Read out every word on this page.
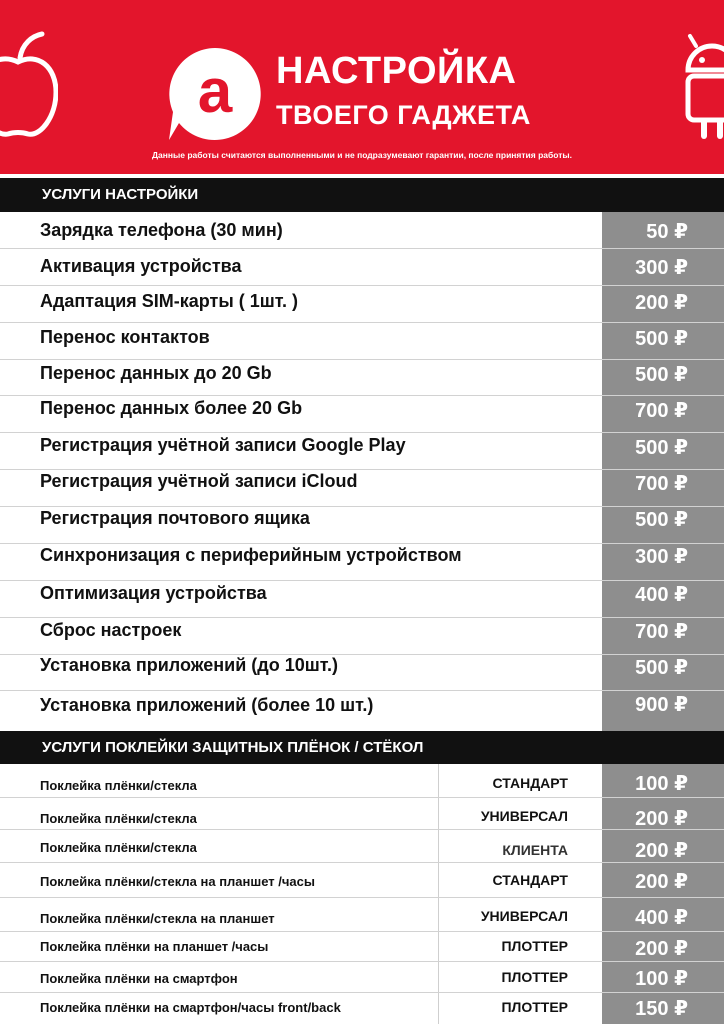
a НАСТРОЙКА
ТВОЕГО ГАДЖЕТА
Данные работы считаются выполненными и не подразумевают гарантии, после принятия работы.
УСЛУГИ НАСТРОЙКИ
Зарядка телефона (30 мин)	50 ₽
Активация устройства	300 ₽
Адаптация SIM-карты ( 1шт. )	200 ₽
Перенос контактов	500 ₽
Перенос данных до 20 Gb	500 ₽
Перенос данных более 20 Gb	700 ₽
Регистрация учётной записи Google Play	500 ₽
Регистрация учётной записи iCloud	700 ₽
Регистрация почтового ящика	500 ₽
Синхронизация с периферийным устройством	300 ₽
Оптимизация устройства	400 ₽
Сброс настроек	700 ₽
Установка приложений (до 10шт.)	500 ₽
Установка приложений (более 10 шт.)	900 ₽
УСЛУГИ ПОКЛЕЙКИ ЗАЩИТНЫХ ПЛЁНОК / СТЁКОЛ
Поклейка плёнки/стекла	СТАНДАРТ	100 ₽
Поклейка плёнки/стекла	УНИВЕРСАЛ	200 ₽
Поклейка плёнки/стекла	КЛИЕНТА	200 ₽
Поклейка плёнки/стекла на планшет /часы	СТАНДАРТ	200 ₽
Поклейка плёнки/стекла на планшет	УНИВЕРСАЛ	400 ₽
Поклейка плёнки на планшет /часы	ПЛОТТЕР	200 ₽
Поклейка плёнки на смартфон	ПЛОТТЕР	100 ₽
Поклейка плёнки на смартфон/часы front/back	ПЛОТТЕР	150 ₽
